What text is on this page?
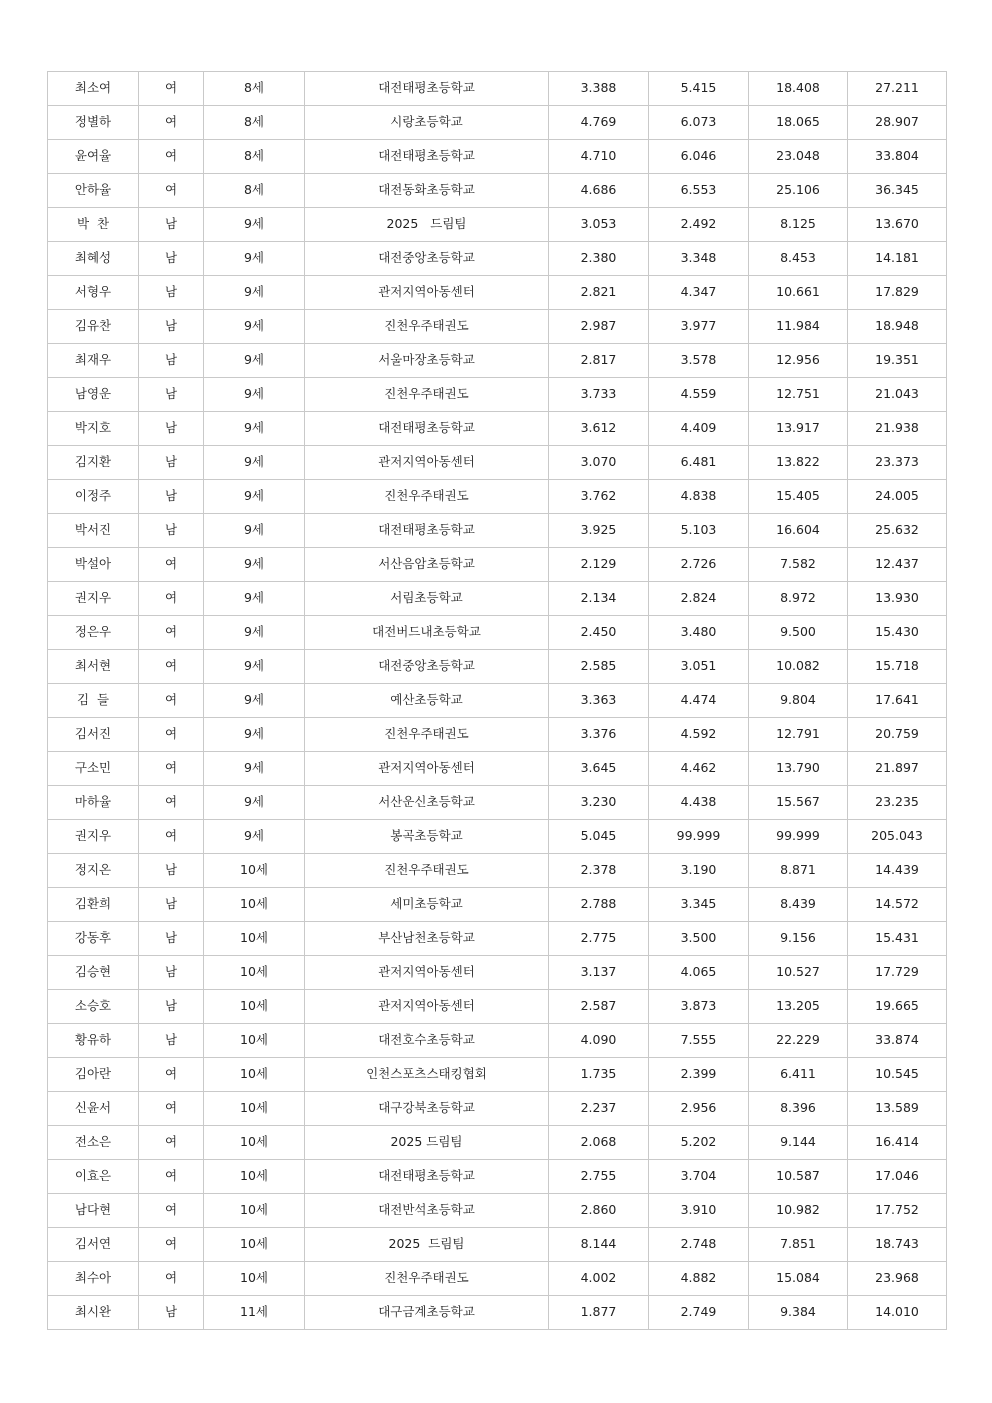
최소여	여	8세	대전태평초등학교	3.388	5.415	18.408	27.211
정별하	여	8세	시랑초등학교	4.769	6.073	18.065	28.907
윤여율	여	8세	대전태평초등학교	4.710	6.046	23.048	33.804
안하율	여	8세	대전동화초등학교	4.686	6.553	25.106	36.345
박  찬	남	9세	2025   드림팀	3.053	2.492	8.125	13.670
최혜성	남	9세	대전중앙초등학교	2.380	3.348	8.453	14.181
서형우	남	9세	관저지역아동센터	2.821	4.347	10.661	17.829
김유찬	남	9세	진천우주태권도	2.987	3.977	11.984	18.948
최재우	남	9세	서울마장초등학교	2.817	3.578	12.956	19.351
남영운	남	9세	진천우주태권도	3.733	4.559	12.751	21.043
박지호	남	9세	대전태평초등학교	3.612	4.409	13.917	21.938
김지환	남	9세	관저지역아동센터	3.070	6.481	13.822	23.373
이정주	남	9세	진천우주태권도	3.762	4.838	15.405	24.005
박서진	남	9세	대전태평초등학교	3.925	5.103	16.604	25.632
박설아	여	9세	서산음암초등학교	2.129	2.726	7.582	12.437
권지우	여	9세	서림초등학교	2.134	2.824	8.972	13.930
정은우	여	9세	대전버드내초등학교	2.450	3.480	9.500	15.430
최서현	여	9세	대전중앙초등학교	2.585	3.051	10.082	15.718
김  들	여	9세	예산초등학교	3.363	4.474	9.804	17.641
김서진	여	9세	진천우주태권도	3.376	4.592	12.791	20.759
구소민	여	9세	관저지역아동센터	3.645	4.462	13.790	21.897
마하율	여	9세	서산운신초등학교	3.230	4.438	15.567	23.235
권지우	여	9세	봉곡초등학교	5.045	99.999	99.999	205.043
정지온	남	10세	진천우주태권도	2.378	3.190	8.871	14.439
김환희	남	10세	세미초등학교	2.788	3.345	8.439	14.572
강동후	남	10세	부산남천초등학교	2.775	3.500	9.156	15.431
김승현	남	10세	관저지역아동센터	3.137	4.065	10.527	17.729
소승호	남	10세	관저지역아동센터	2.587	3.873	13.205	19.665
황유하	남	10세	대전호수초등학교	4.090	7.555	22.229	33.874
김아란	여	10세	인천스포츠스태킹협회	1.735	2.399	6.411	10.545
신윤서	여	10세	대구강북초등학교	2.237	2.956	8.396	13.589
전소은	여	10세	2025 드림팀	2.068	5.202	9.144	16.414
이효은	여	10세	대전태평초등학교	2.755	3.704	10.587	17.046
남다현	여	10세	대전반석초등학교	2.860	3.910	10.982	17.752
김서연	여	10세	2025  드림팀	8.144	2.748	7.851	18.743
최수아	여	10세	진천우주태권도	4.002	4.882	15.084	23.968
최시완	남	11세	대구금계초등학교	1.877	2.749	9.384	14.010
